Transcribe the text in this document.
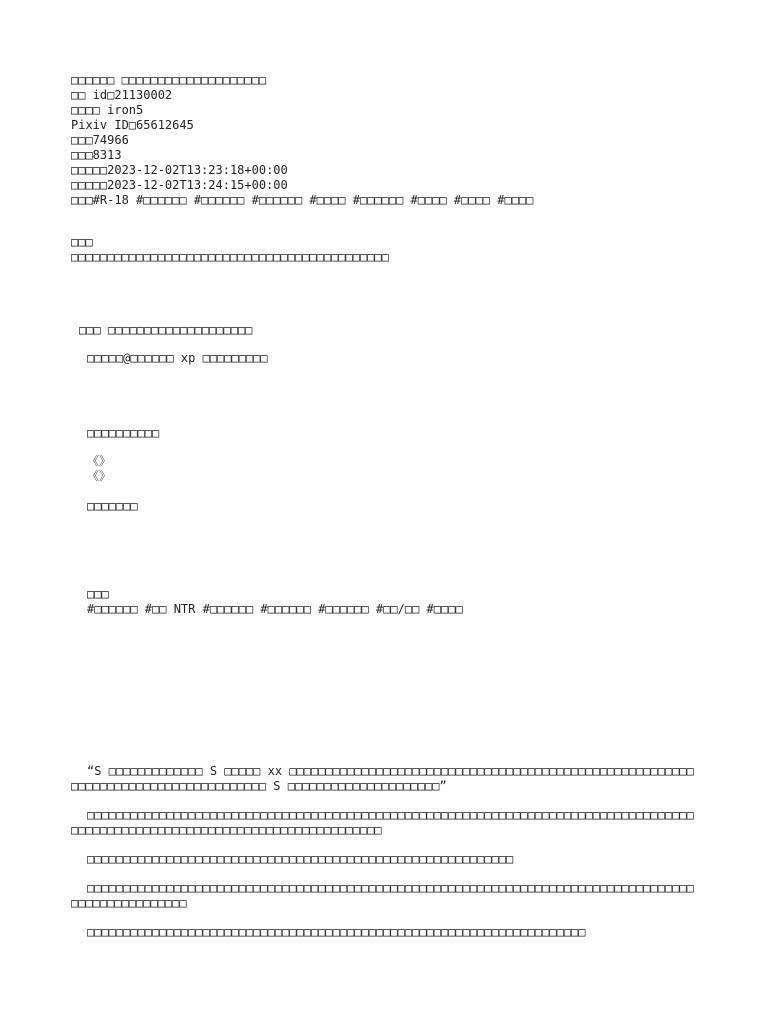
□□□□□□ □□□□□□□□□□□□□□□□□□□□
□□ id□21130002
□□□□ iron5
Pixiv ID□65612645
□□□74966
□□□8313
□□□□□2023-12-02T13:23:18+00:00
□□□□□2023-12-02T13:24:15+00:00
□□□#R-18 #□□□□□□ #□□□□□□ #□□□□□□ #□□□□ #□□□□□□ #□□□□ #□□□□ #□□□□
□□□
□□□□□□□□□□□□□□□□□□□□□□□□□□□□□□□□□□□□□□□□□□□□
□□□ □□□□□□□□□□□□□□□□□□□□
□□□□□@□□□□□□ xp □□□□□□□□□
□□□□□□□□□□
《》
《》
□□□□□□□
□□□
#□□□□□□ #□□ NTR #□□□□□□ #□□□□□□ #□□□□□□ #□□/□□ #□□□□
“S □□□□□□□□□□□□□ S □□□□□ xx □□□□□□□□□□□□□□□□□□□□□□□□□□□□□□□□□□□□□□□□□□□□□□□□□□□□□□□□□□□□□□□□□□□□□□□□□□□□□□□□□□□ S □□□□□□□□□□□□□□□□□□□□□”
□□□□□□□□□□□□□□□□□□□□□□□□□□□□□□□□□□□□□□□□□□□□□□□□□□□□□□□□□□□□□□□□□□□□□□□□□□□□□□□□□□□□□□□□□□□□□□□□□□□□□□□□□□□□□□□□□□□□□□□□□□□□□□□
□□□□□□□□□□□□□□□□□□□□□□□□□□□□□□□□□□□□□□□□□□□□□□□□□□□□□□□□□□□
□□□□□□□□□□□□□□□□□□□□□□□□□□□□□□□□□□□□□□□□□□□□□□□□□□□□□□□□□□□□□□□□□□□□□□□□□□□□□□□□□□□□□□□□□□□□□□□□□□□□
□□□□□□□□□□□□□□□□□□□□□□□□□□□□□□□□□□□□□□□□□□□□□□□□□□□□□□□□□□□□□□□□□□□□□
